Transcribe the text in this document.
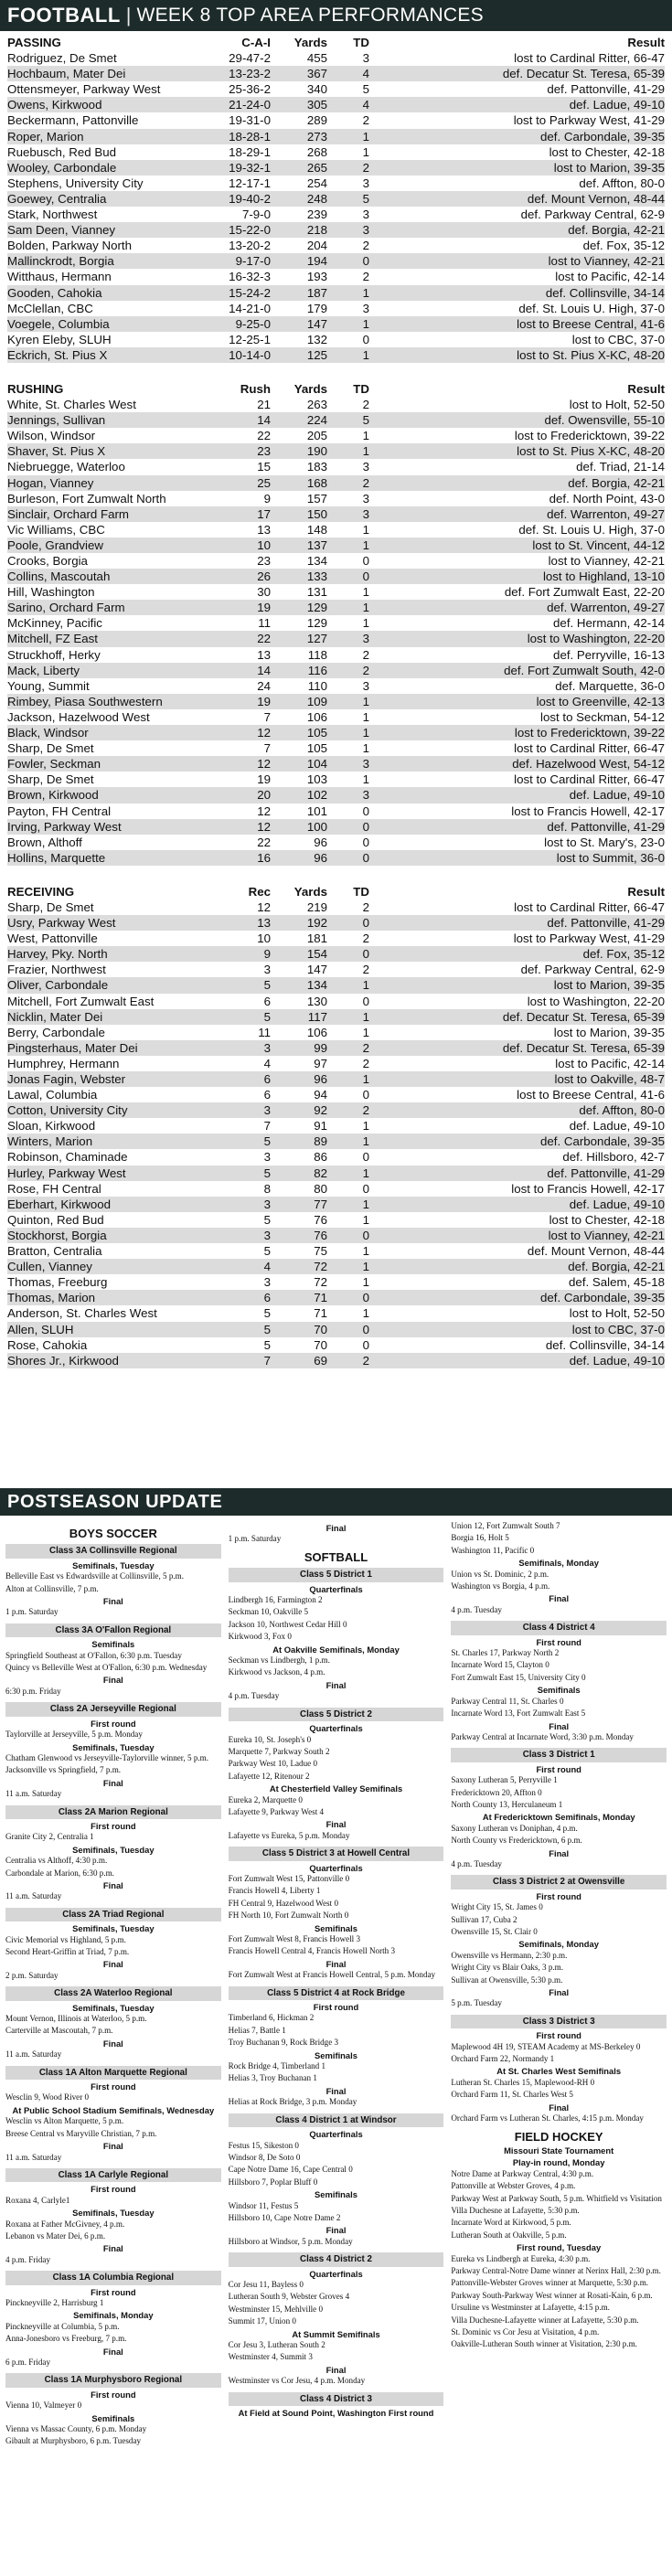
FOOTBALL | WEEK 8 TOP AREA PERFORMANCES
PASSING	C-A-I	Yards	TD	Result
Rodriguez, De Smet	29-47-2	455	3	lost to Cardinal Ritter, 66-47
Hochbaum, Mater Dei	13-23-2	367	4	def. Decatur St. Teresa, 65-39
Ottensmeyer, Parkway West	25-36-2	340	5	def. Pattonville, 41-29
Owens, Kirkwood	21-24-0	305	4	def. Ladue, 49-10
Beckermann, Pattonville	19-31-0	289	2	lost to Parkway West, 41-29
Roper, Marion	18-28-1	273	1	def. Carbondale, 39-35
Ruebusch, Red Bud	18-29-1	268	1	lost to Chester, 42-18
Wooley, Carbondale	19-32-1	265	2	lost to Marion, 39-35
Stephens, University City	12-17-1	254	3	def. Affton, 80-0
Goewey, Centralia	19-40-2	248	5	def. Mount Vernon, 48-44
Stark, Northwest	7-9-0	239	3	def. Parkway Central, 62-9
Sam Deen, Vianney	15-22-0	218	3	def. Borgia, 42-21
Bolden, Parkway North	13-20-2	204	2	def. Fox, 35-12
Mallinckrodt, Borgia	9-17-0	194	0	lost to Vianney, 42-21
Witthaus, Hermann	16-32-3	193	2	lost to Pacific, 42-14
Gooden, Cahokia	15-24-2	187	1	def. Collinsville, 34-14
McClellan, CBC	14-21-0	179	3	def. St. Louis U. High, 37-0
Voegele, Columbia	9-25-0	147	1	lost to Breese Central, 41-6
Kyren Eleby, SLUH	12-25-1	132	0	lost to CBC, 37-0
Eckrich, St. Pius X	10-14-0	125	1	lost to St. Pius X-KC, 48-20
RUSHING	Rush	Yards	TD	Result
White, St. Charles West	21	263	2	lost to Holt, 52-50
Jennings, Sullivan	14	224	5	def. Owensville, 55-10
Wilson, Windsor	22	205	1	lost to Fredericktown, 39-22
Shaver, St. Pius X	23	190	1	lost to St. Pius X-KC, 48-20
Niebruegge, Waterloo	15	183	3	def. Triad, 21-14
Hogan, Vianney	25	168	2	def. Borgia, 42-21
Burleson, Fort Zumwalt North	9	157	3	def. North Point, 43-0
Sinclair, Orchard Farm	17	150	3	def. Warrenton, 49-27
Vic Williams, CBC	13	148	1	def. St. Louis U. High, 37-0
Poole, Grandview	10	137	1	lost to St. Vincent, 44-12
Crooks, Borgia	23	134	0	lost to Vianney, 42-21
Collins, Mascoutah	26	133	0	lost to Highland, 13-10
Hill, Washington	30	131	1	def. Fort Zumwalt East, 22-20
Sarino, Orchard Farm	19	129	1	def. Warrenton, 49-27
McKinney, Pacific	11	129	1	def. Hermann, 42-14
Mitchell, FZ East	22	127	3	lost to Washington, 22-20
Struckhoff, Herky	13	118	2	def. Perryville, 16-13
Mack, Liberty	14	116	2	def. Fort Zumwalt South, 42-0
Young, Summit	24	110	3	def. Marquette, 36-0
Rimbey, Piasa Southwestern	19	109	1	lost to Greenville, 42-13
Jackson, Hazelwood West	7	106	1	lost to Seckman, 54-12
Black, Windsor	12	105	1	lost to Fredericktown, 39-22
Sharp, De Smet	7	105	1	lost to Cardinal Ritter, 66-47
Fowler, Seckman	12	104	3	def. Hazelwood West, 54-12
Sharp, De Smet	19	103	1	lost to Cardinal Ritter, 66-47
Brown, Kirkwood	20	102	3	def. Ladue, 49-10
Payton, FH Central	12	101	0	lost to Francis Howell, 42-17
Irving, Parkway West	12	100	0	def. Pattonville, 41-29
Brown, Althoff	22	96	0	lost to St. Mary's, 23-0
Hollins, Marquette	16	96	0	lost to Summit, 36-0
RECEIVING	Rec	Yards	TD	Result
Sharp, De Smet	12	219	2	lost to Cardinal Ritter, 66-47
Usry, Parkway West	13	192	0	def. Pattonville, 41-29
West, Pattonville	10	181	2	lost to Parkway West, 41-29
Harvey, Pky. North	9	154	0	def. Fox, 35-12
Frazier, Northwest	3	147	2	def. Parkway Central, 62-9
Oliver, Carbondale	5	134	1	lost to Marion, 39-35
Mitchell, Fort Zumwalt East	6	130	0	lost to Washington, 22-20
Nicklin, Mater Dei	5	117	1	def. Decatur St. Teresa, 65-39
Berry, Carbondale	11	106	1	lost to Marion, 39-35
Pingsterhaus, Mater Dei	3	99	2	def. Decatur St. Teresa, 65-39
Humphrey, Hermann	4	97	2	lost to Pacific, 42-14
Jonas Fagin, Webster	6	96	1	lost to Oakville, 48-7
Lawal, Columbia	6	94	0	lost to Breese Central, 41-6
Cotton, University City	3	92	2	def. Affton, 80-0
Sloan, Kirkwood	7	91	1	def. Ladue, 49-10
Winters, Marion	5	89	1	def. Carbondale, 39-35
Robinson, Chaminade	3	86	0	def. Hillsboro, 42-7
Hurley, Parkway West	5	82	1	def. Pattonville, 41-29
Rose, FH Central	8	80	0	lost to Francis Howell, 42-17
Eberhart, Kirkwood	3	77	1	def. Ladue, 49-10
Quinton, Red Bud	5	76	1	lost to Chester, 42-18
Stockhorst, Borgia	3	76	0	lost to Vianney, 42-21
Bratton, Centralia	5	75	1	def. Mount Vernon, 48-44
Cullen, Vianney	4	72	1	def. Borgia, 42-21
Thomas, Freeburg	3	72	1	def. Salem, 45-18
Thomas, Marion	6	71	0	def. Carbondale, 39-35
Anderson, St. Charles West	5	71	1	lost to Holt, 52-50
Allen, SLUH	5	70	0	lost to CBC, 37-0
Rose, Cahokia	5	70	0	def. Collinsville, 34-14
Shores Jr., Kirkwood	7	69	2	def. Ladue, 49-10
POSTSEASON UPDATE
BOYS SOCCER
Class 3A Collinsville Regional
Semifinals, Tuesday
Belleville East vs Edwardsville at Collinsville, 5 p.m.
Alton at Collinsville, 7 p.m.
Final
1 p.m. Saturday
Class 3A O'Fallon Regional
Semifinals
Springfield Southeast at O'Fallon, 6:30 p.m. Tuesday
Quincy vs Belleville West at O'Fallon, 6:30 p.m. Wednesday
Final
6:30 p.m. Friday
Class 2A Jerseyville Regional
First round
Taylorville at Jerseyville, 5 p.m. Monday
Semifinals, Tuesday
Chatham Glenwood vs Jerseyville-Taylorville winner, 5 p.m.
Jacksonville vs Springfield, 7 p.m.
Final
11 a.m. Saturday
Class 2A Marion Regional
First round
Granite City 2, Centralia 1
Semifinals, Tuesday
Centralia vs Althoff, 4:30 p.m.
Carbondale at Marion, 6:30 p.m.
Final
11 a.m. Saturday
Class 2A Triad Regional
Semifinals, Tuesday
Civic Memorial vs Highland, 5 p.m.
Second Heart-Griffin at Triad, 7 p.m.
Final
2 p.m. Saturday
Class 2A Waterloo Regional
Semifinals, Tuesday
Mount Vernon, Illinois at Waterloo, 5 p.m.
Carterville at Mascoutah, 7 p.m.
Final
11 a.m. Saturday
Class 1A Alton Marquette Regional
First round
Wesclin 9, Wood River 0
At Public School Stadium Semifinals, Wednesday
Wesclin vs Alton Marquette, 5 p.m.
Breese Central vs Maryville Christian, 7 p.m.
Final
11 a.m. Saturday
Class 1A Carlyle Regional
First round
Roxana 4, Carlyle1
Semifinals, Tuesday
Roxana at Father McGivney, 4 p.m.
Lebanon vs Mater Dei, 6 p.m.
Final
4 p.m. Friday
Class 1A Columbia Regional
First round
Pinckneyville 2, Harrisburg 1
Semifinals, Monday
Pinckneyville at Columbia, 5 p.m.
Anna-Jonesboro vs Freeburg, 7 p.m.
Final
6 p.m. Friday
Class 1A Murphysboro Regional
First round
Vienna 10, Valmeyer 0
Semifinals
Vienna vs Massac County, 6 p.m. Monday
Gibault at Murphysboro, 6 p.m. Tuesday
Final
1 p.m. Saturday
SOFTBALL
Class 5 District 1
Quarterfinals
Lindbergh 16, Farmington 2
Seckman 10, Oakville 5
Jackson 10, Northwest Cedar Hill 0
Kirkwood 3, Fox 0
At Oakville Semifinals, Monday
Seckman vs Lindbergh, 1 p.m.
Kirkwood vs Jackson, 4 p.m.
Final
4 p.m. Tuesday
Class 5 District 2
Quarterfinals
Eureka 10, St. Joseph's 0
Marquette 7, Parkway South 2
Parkway West 10, Ladue 0
Lafayette 12, Ritenour 2
At Chesterfield Valley Semifinals
Eureka 2, Marquette 0
Lafayette 9, Parkway West 4
Final
Lafayette vs Eureka, 5 p.m. Monday
Class 5 District 3 at Howell Central
Quarterfinals
Fort Zumwalt West 15, Pattonville 0
Francis Howell 4, Liberty 1
FH Central 9, Hazelwood West 0
FH North 10, Fort Zumwalt North 0
Semifinals
Fort Zumwalt West 8, Francis Howell 3
Francis Howell Central 4, Francis Howell North 3
Final
Fort Zumwalt West at Francis Howell Central, 5 p.m. Monday
Class 5 District 4 at Rock Bridge
First round
Timberland 6, Hickman 2
Helias 7, Battle 1
Troy Buchanan 9, Rock Bridge 3
Semifinals
Rock Bridge 4, Timberland 1
Helias 3, Troy Buchanan 1
Final
Helias at Rock Bridge, 3 p.m. Monday
Class 4 District 1 at Windsor
Quarterfinals
Festus 15, Sikeston 0
Windsor 8, De Soto 0
Cape Notre Dame 16, Cape Central 0
Hillsboro 7, Poplar Bluff 0
Semifinals
Windsor 11, Festus 5
Hillsboro 10, Cape Notre Dame 2
Final
Hillsboro at Windsor, 5 p.m. Monday
Class 4 District 2
Quarterfinals
Cor Jesu 11, Bayless 0
Lutheran South 9, Webster Groves 4
Westminster 15, Mehlville 0
Summit 17, Union 0
At Summit Semifinals
Cor Jesu 3, Lutheran South 2
Westminster 4, Summit 3
Final
Westminster vs Cor Jesu, 4 p.m. Monday
Class 4 District 3
At Field at Sound Point, Washington First round
Union 12, Fort Zumwalt South 7
Borgia 16, Holt 5
Washington 11, Pacific 0
Semifinals, Monday
Union vs St. Dominic, 2 p.m.
Washington vs Borgia, 4 p.m.
Final
4 p.m. Tuesday
Class 4 District 4
First round
St. Charles 17, Parkway North 2
Incarnate Word 15, Clayton 0
Fort Zumwalt East 15, University City 0
Semifinals
Parkway Central 11, St. Charles 0
Incarnate Word 13, Fort Zumwalt East 5
Final
Parkway Central at Incarnate Word, 3:30 p.m. Monday
Class 3 District 1
First round
Saxony Lutheran 5, Perryville 1
Fredericktown 20, Affton 0
North County 13, Herculaneum 1
At Fredericktown Semifinals, Monday
Saxony Lutheran vs Doniphan, 4 p.m.
North County vs Fredericktown, 6 p.m.
Final
4 p.m. Tuesday
Class 3 District 2 at Owensville
First round
Wright City 15, St. James 0
Sullivan 17, Cuba 2
Owensville 15, St. Clair 0
Semifinals, Monday
Owensville vs Hermann, 2:30 p.m.
Wright City vs Blair Oaks, 3 p.m.
Sullivan at Owensville, 5:30 p.m.
Final
5 p.m. Tuesday
Class 3 District 3
First round
Maplewood 4H 19, STEAM Academy at MS-Berkeley 0
Orchard Farm 22, Normandy 1
At St. Charles West Semifinals
Lutheran St. Charles 15, Maplewood-RH 0
Orchard Farm 11, St. Charles West 5
Final
Orchard Farm vs Lutheran St. Charles, 4:15 p.m. Monday
FIELD HOCKEY
Missouri State Tournament
Play-in round, Monday
Notre Dame at Parkway Central, 4:30 p.m.
Pattonville at Webster Groves, 4 p.m.
Parkway West at Parkway South, 5 p.m. Whitfield vs Visitation
Villa Duchesne at Lafayette, 5:30 p.m.
Incarnate Word at Kirkwood, 5 p.m.
Lutheran South at Oakville, 5 p.m.
First round, Tuesday
Eureka vs Lindbergh at Eureka, 4:30 p.m.
Parkway Central-Notre Dame winner at Nerinx Hall, 2:30 p.m.
Pattonville-Webster Groves winner at Marquette, 5:30 p.m.
Parkway South-Parkway West winner at Rosati-Kain, 6 p.m.
Ursuline vs Westminster at Lafayette, 4:15 p.m.
Villa Duchesne-Lafayette winner at Lafayette, 5:30 p.m.
St. Dominic vs Cor Jesu at Visitation, 4 p.m.
Oakville-Lutheran South winner at Visitation, 2:30 p.m.
